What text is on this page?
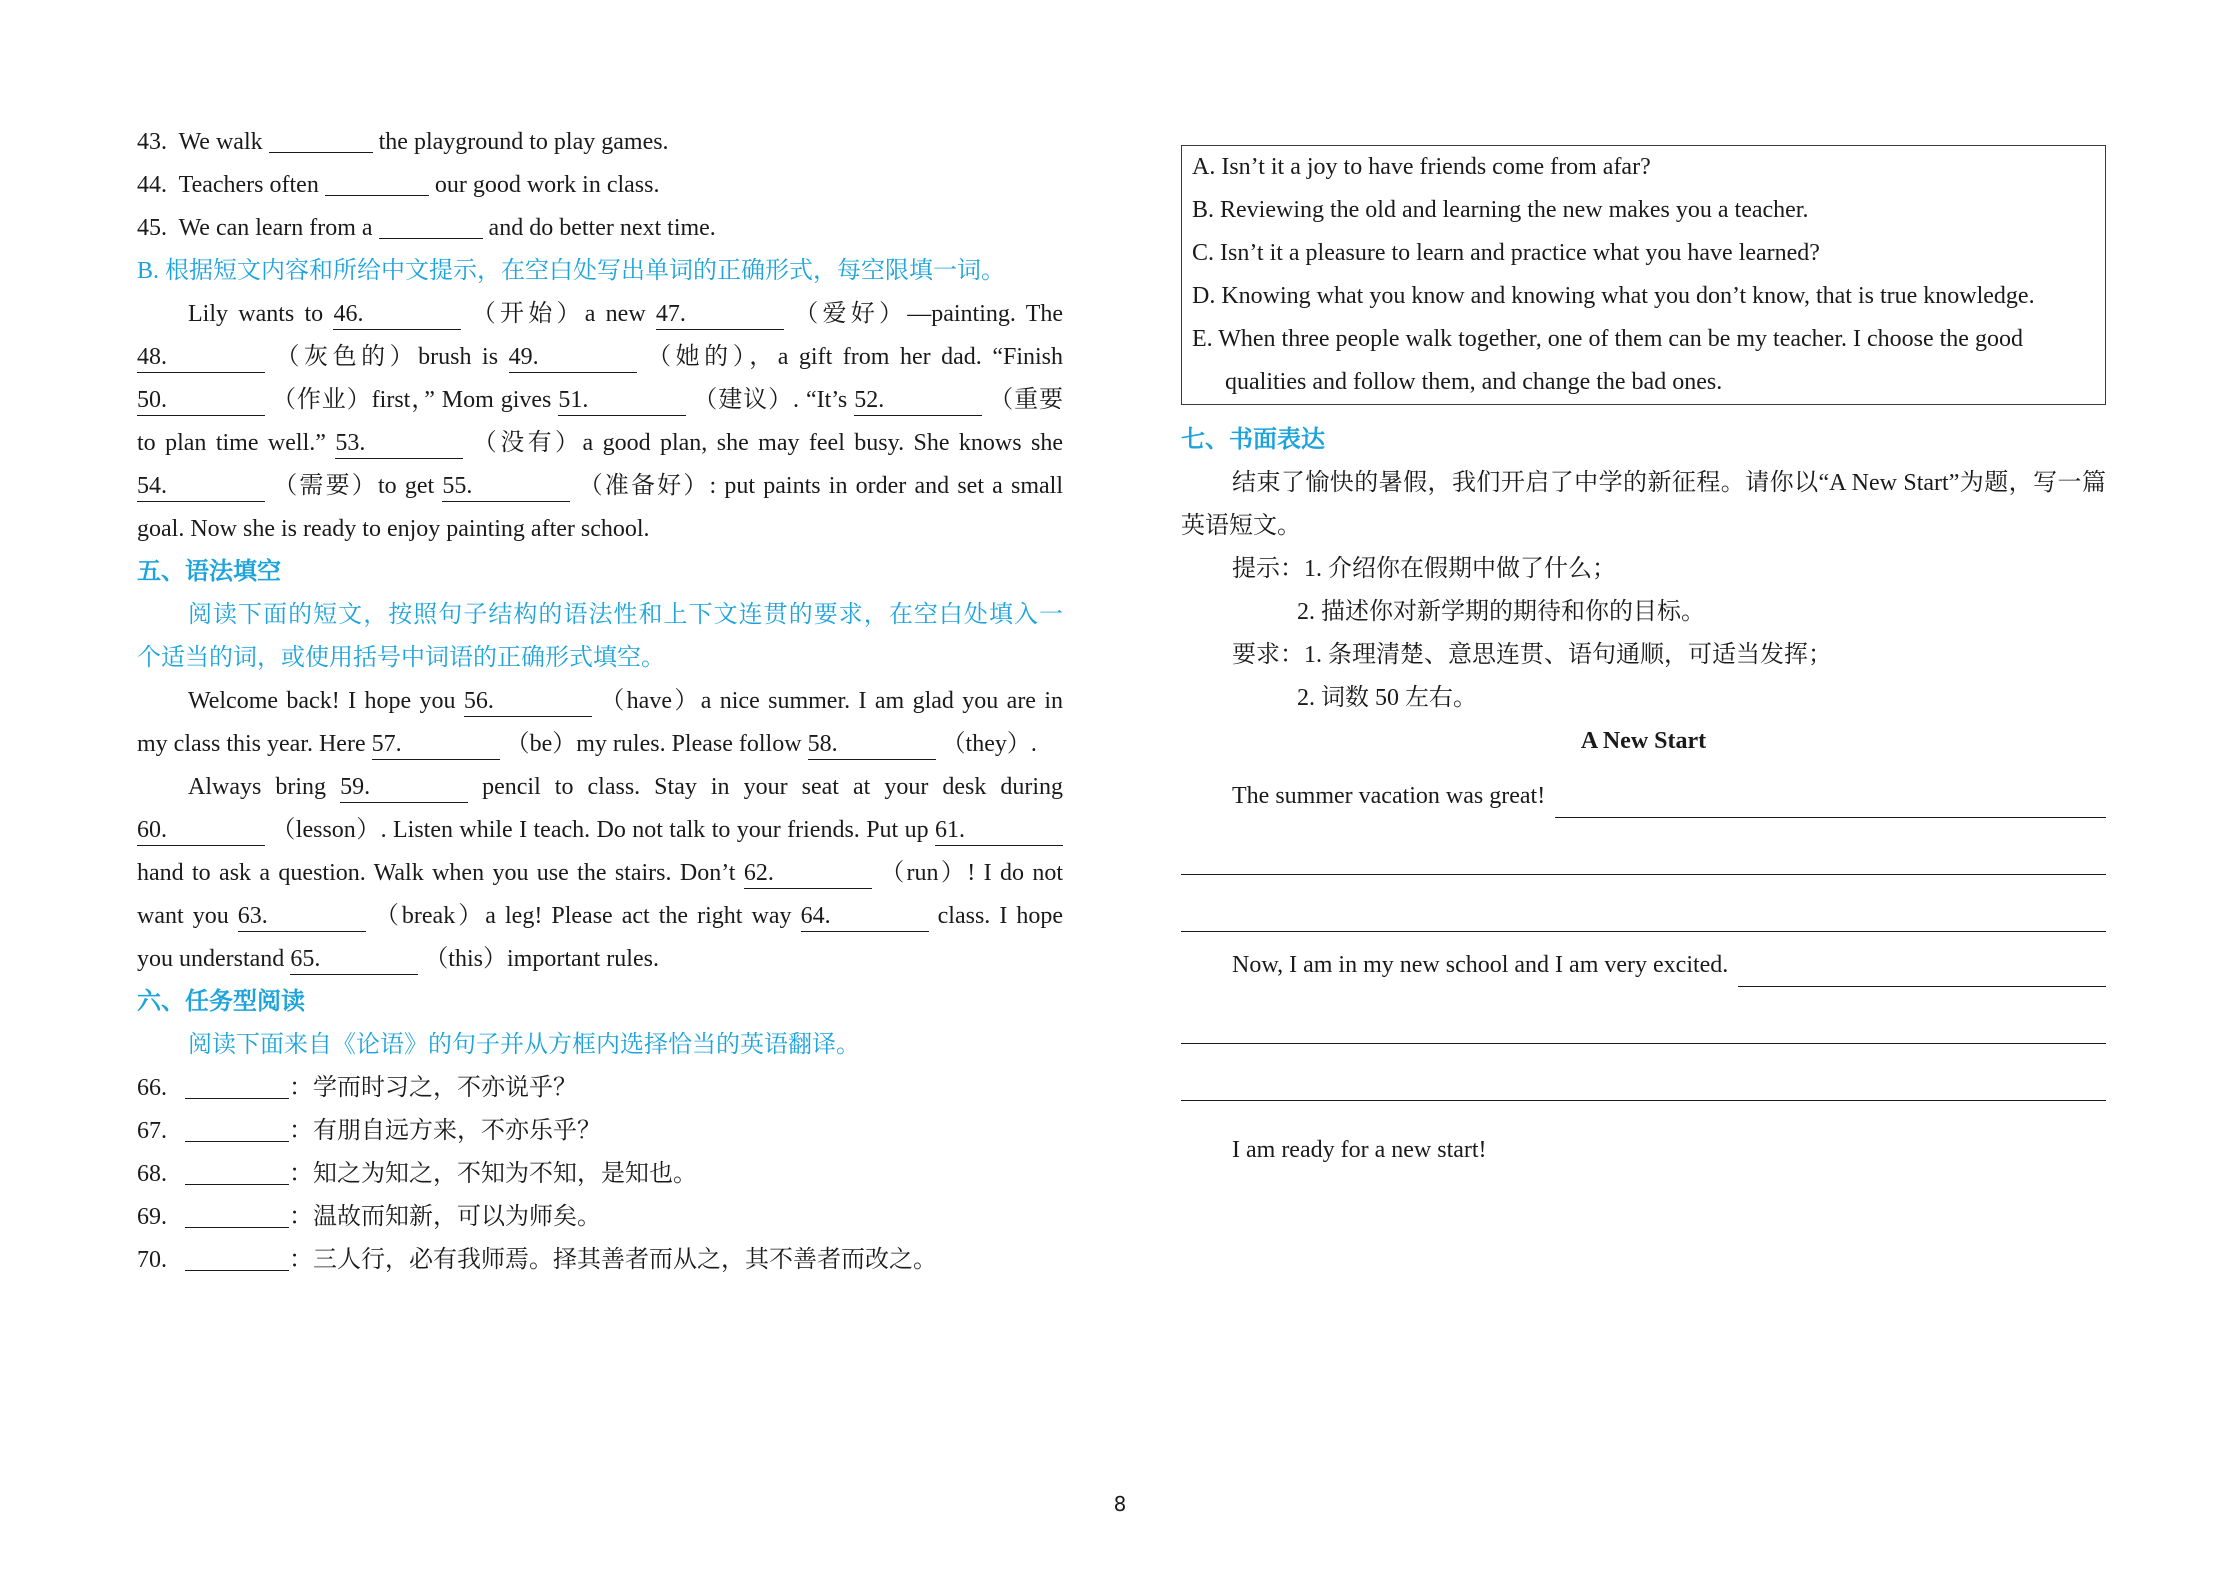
43. We walk	the playground to play games.
44. Teachers often	our good work in class.
45. We can learn from a	and do better next time.
B. 根据短文内容和所给中文提示，在空白处写出单词的正确形式，每空限填一词。
Lily wants to 46.	（开始）a new 47.	（爱好）—painting. The
48.	（灰色的）brush is 49.	（她的），a gift from her dad. “Finish
50.	（作业）first，” Mom gives 51.	（建议）. “It’s 52.	（重要
to plan time well.” 53.	（没有）a good plan, she may feel busy. She knows she
54.	（需要）to get 55.	（准备好）: put paints in order and set a small
goal. Now she is ready to enjoy painting after school.
五、语法填空
阅读下面的短文，按照句子结构的语法性和上下文连贯的要求，在空白处填入一
个适当的词，或使用括号中词语的正确形式填空。
Welcome back! I hope you 56.	（have）a nice summer. I am glad you are in
my class this year. Here 57.	（be）my rules. Please follow 58.	（they）.
Always bring 59.	pencil to class. Stay in your seat at your desk during
60.	（lesson）. Listen while I teach. Do not talk to your friends. Put up 61.
hand to ask a question. Walk when you use the stairs. Don’t 62.	（run）! I do not
want you 63.	（break）a leg! Please act the right way 64.	class. I hope
you understand 65.	（this）important rules.
六、任务型阅读
阅读下面来自《论语》的句子并从方框内选择恰当的英语翻译。
66.	：学而时习之，不亦说乎？
67.	：有朋自远方来，不亦乐乎？
68.	：知之为知之，不知为不知，是知也。
69.	：温故而知新，可以为师矣。
70.	：三人行，必有我师焉。择其善者而从之，其不善者而改之。
A. Isn’t it a joy to have friends come from afar?
B. Reviewing the old and learning the new makes you a teacher.
C. Isn’t it a pleasure to learn and practice what you have learned?
D. Knowing what you know and knowing what you don’t know, that is true knowledge.
E. When three people walk together, one of them can be my teacher. I choose the good
qualities and follow them, and change the bad ones.
七、书面表达
结束了愉快的暑假，我们开启了中学的新征程。请你以“A New Start”为题，写一篇
英语短文。
提示：1. 介绍你在假期中做了什么；
2. 描述你对新学期的期待和你的目标。
要求：1. 条理清楚、意思连贯、语句通顺，可适当发挥；
2. 词数 50 左右。
A New Start
The summer vacation was great!
Now, I am in my new school and I am very excited.
I am ready for a new start!
8
